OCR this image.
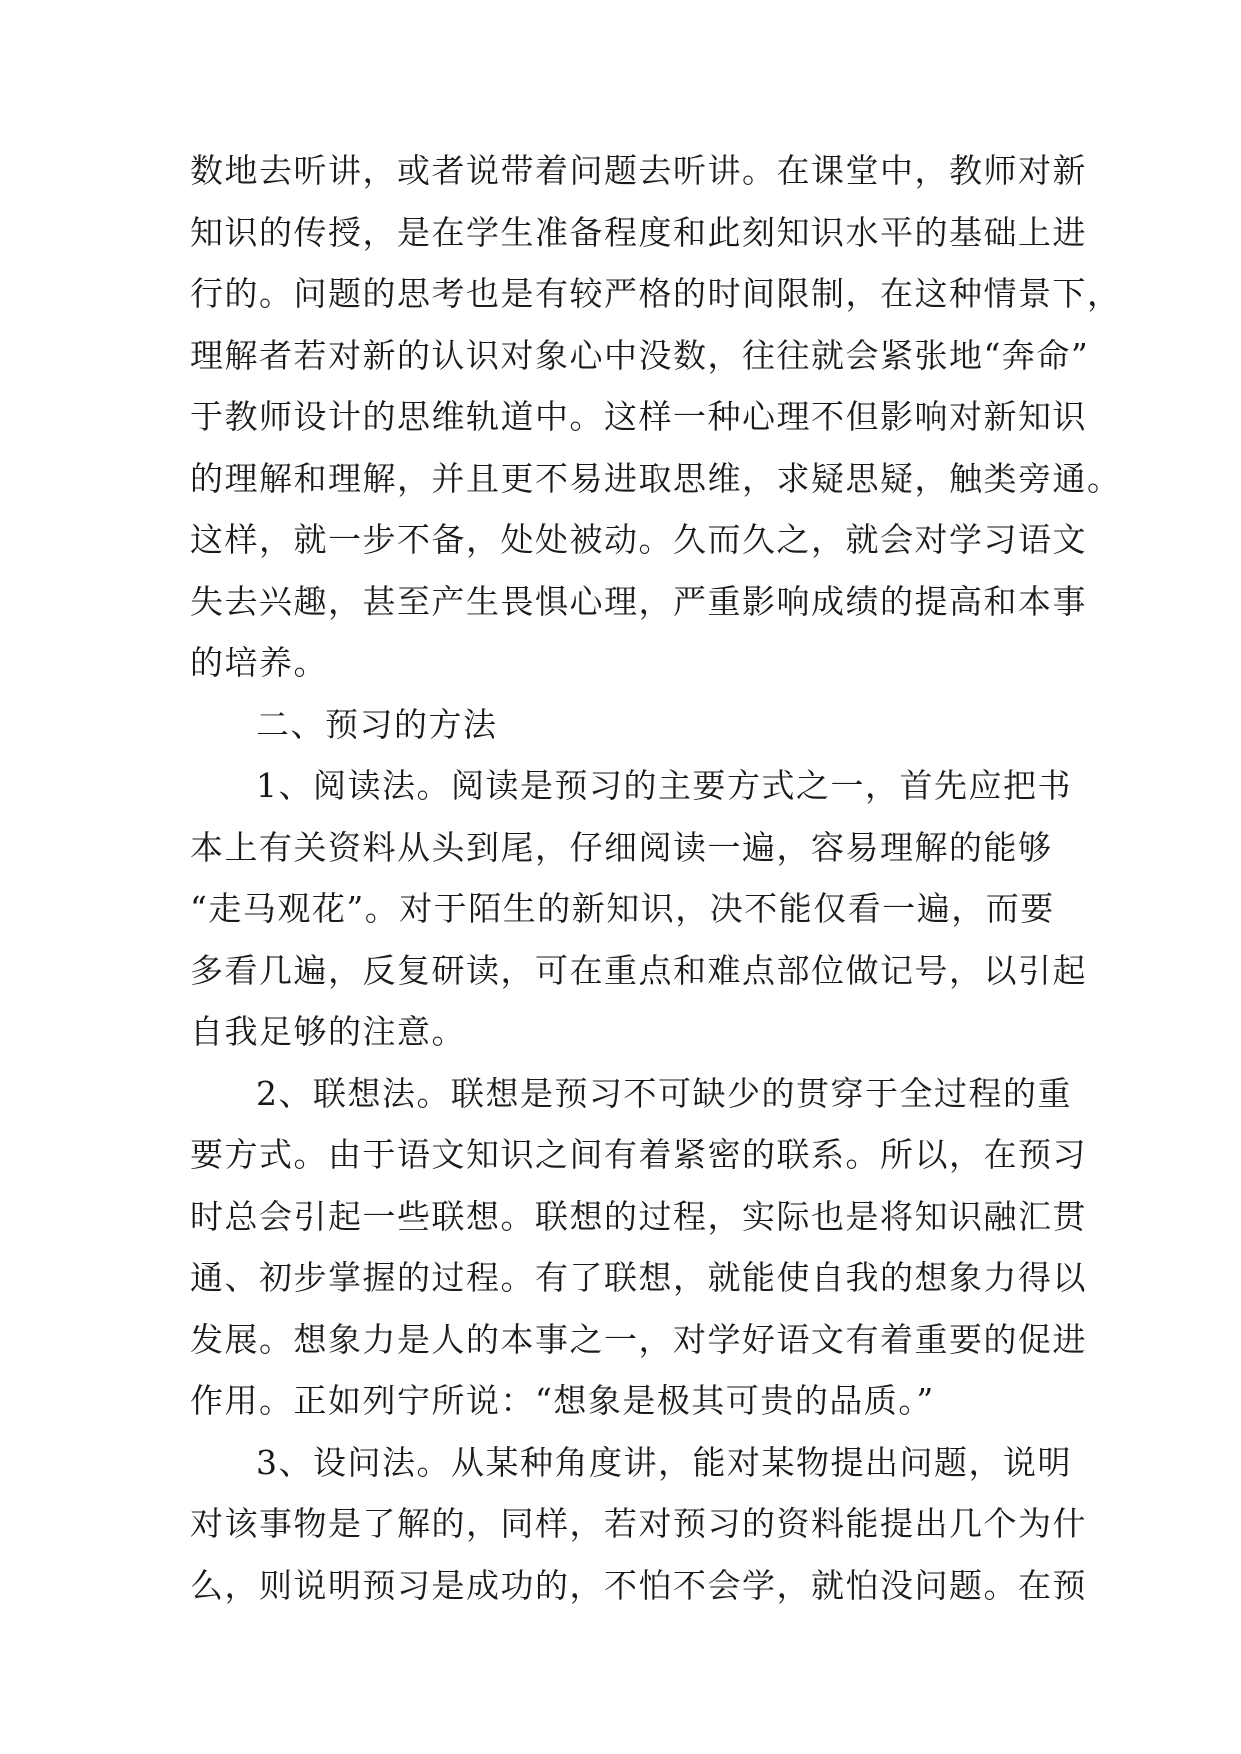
数地去听讲，或者说带着问题去听讲。在课堂中，教师对新
知识的传授，是在学生准备程度和此刻知识水平的基础上进
行的。问题的思考也是有较严格的时间限制，在这种情景下，
理解者若对新的认识对象心中没数，往往就会紧张地“奔命”
于教师设计的思维轨道中。这样一种心理不但影响对新知识
的理解和理解，并且更不易进取思维，求疑思疑，触类旁通。
这样，就一步不备，处处被动。久而久之，就会对学习语文
失去兴趣，甚至产生畏惧心理，严重影响成绩的提高和本事
的培养。
二、预习的方法
1、阅读法。阅读是预习的主要方式之一，首先应把书
本上有关资料从头到尾，仔细阅读一遍，容易理解的能够
“走马观花”。对于陌生的新知识，决不能仅看一遍，而要
多看几遍，反复研读，可在重点和难点部位做记号，以引起
自我足够的注意。
2、联想法。联想是预习不可缺少的贯穿于全过程的重
要方式。由于语文知识之间有着紧密的联系。所以，在预习
时总会引起一些联想。联想的过程，实际也是将知识融汇贯
通、初步掌握的过程。有了联想，就能使自我的想象力得以
发展。想象力是人的本事之一，对学好语文有着重要的促进
作用。正如列宁所说：“想象是极其可贵的品质。”
3、设问法。从某种角度讲，能对某物提出问题，说明
对该事物是了解的，同样，若对预习的资料能提出几个为什
么，则说明预习是成功的，不怕不会学，就怕没问题。在预
